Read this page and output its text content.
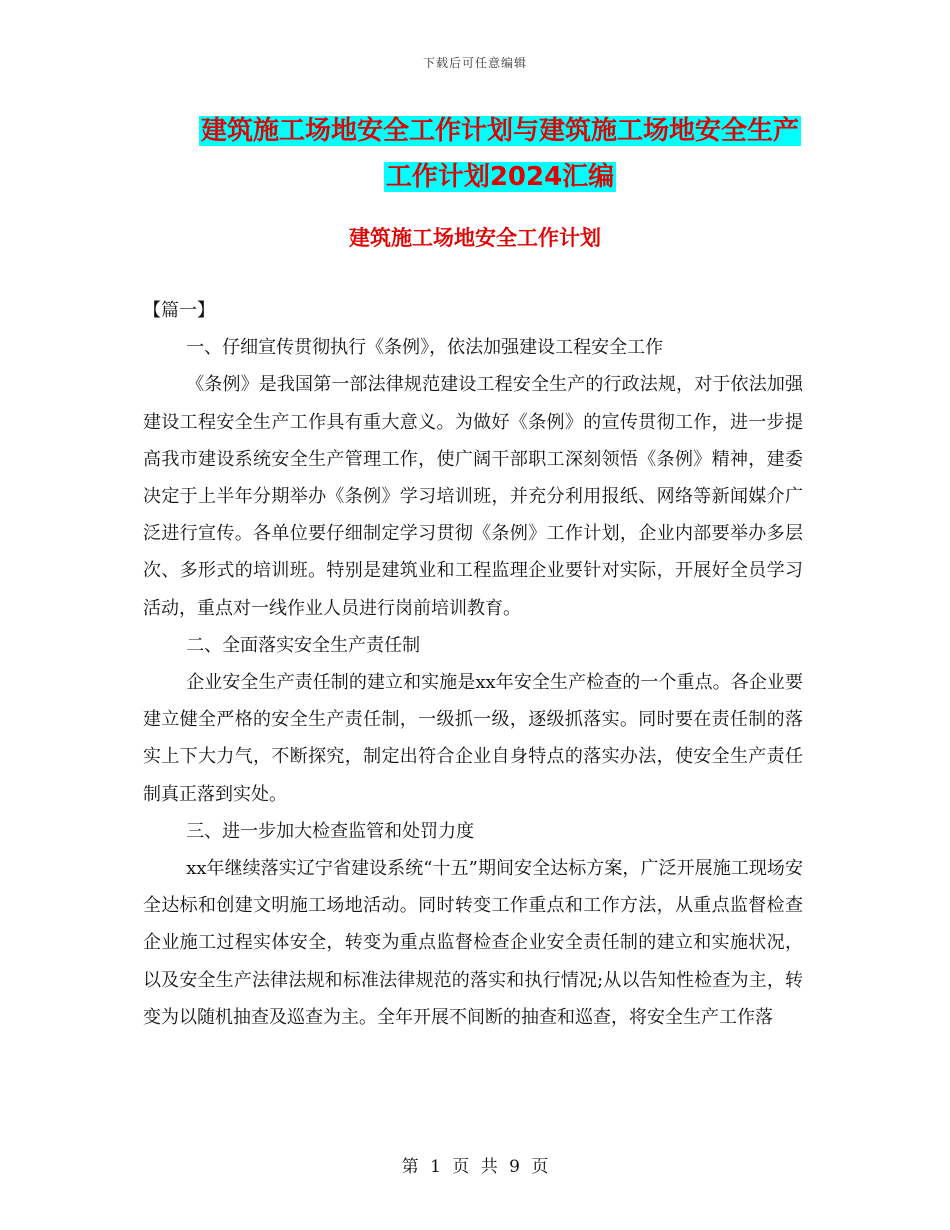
下载后可任意编辑
建筑施工场地安全工作计划与建筑施工场地安全生产
工作计划2024汇编
建筑施工场地安全工作计划

【篇一】

一、仔细宣传贯彻执行《条例》，依法加强建设工程安全工作

《条例》是我国第一部法律规范建设工程安全生产的行政法规，对于依法加强建设工程安全生产工作具有重大意义。为做好《条例》的宣传贯彻工作，进一步提高我市建设系统安全生产管理工作，使广阔干部职工深刻领悟《条例》精神，建委决定于上半年分期举办《条例》学习培训班，并充分利用报纸、网络等新闻媒介广泛进行宣传。各单位要仔细制定学习贯彻《条例》工作计划，企业内部要举办多层次、多形式的培训班。特别是建筑业和工程监理企业要针对实际，开展好全员学习活动，重点对一线作业人员进行岗前培训教育。

二、全面落实安全生产责任制

企业安全生产责任制的建立和实施是xx年安全生产检查的一个重点。各企业要建立健全严格的安全生产责任制，一级抓一级，逐级抓落实。同时要在责任制的落实上下大力气，不断探究，制定出符合企业自身特点的落实办法，使安全生产责任制真正落到实处。

三、进一步加大检查监管和处罚力度

xx年继续落实辽宁省建设系统“十五”期间安全达标方案，广泛开展施工现场安全达标和创建文明施工场地活动。同时转变工作重点和工作方法，从重点监督检查企业施工过程实体安全，转变为重点监督检查企业安全责任制的建立和实施状况，以及安全生产法律法规和标准法律规范的落实和执行情况;从以告知性检查为主，转变为以随机抽查及巡查为主。全年开展不间断的抽查和巡查，将安全生产工作落

第 1 页 共 9 页
